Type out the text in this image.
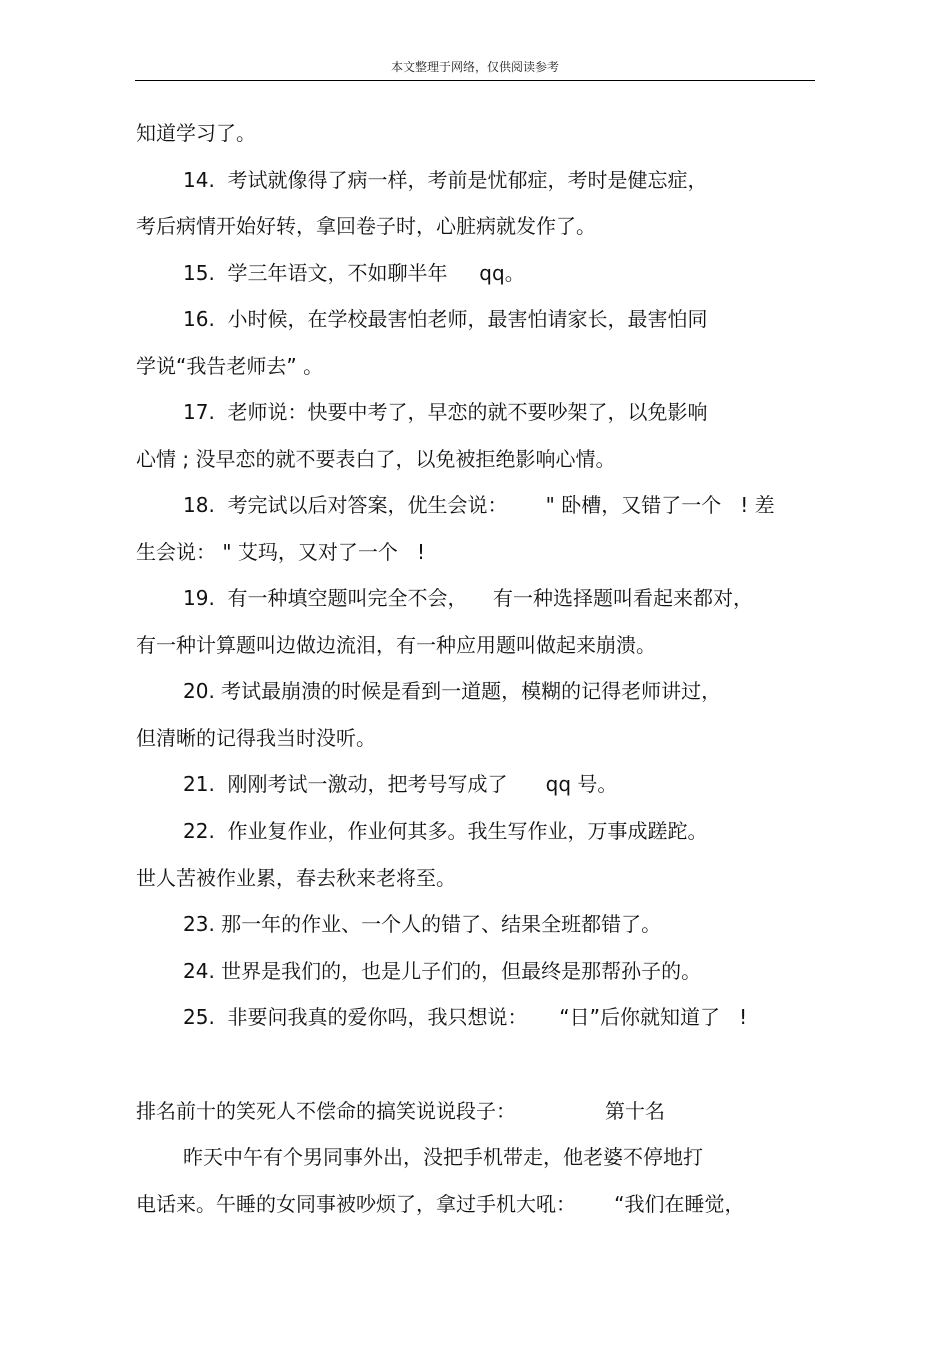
本文整理于网络，仅供阅读参考
知道学习了。
14.  考试就像得了病一样，考前是忧郁症，考时是健忘症，
考后病情开始好转，拿回卷子时，心脏病就发作了。
15.  学三年语文，不如聊半年     qq。
16.  小时候，在学校最害怕老师，最害怕请家长，最害怕同
学说“我告老师去” 。
17.  老师说：快要中考了，早恋的就不要吵架了，以免影响
心情 ; 没早恋的就不要表白了，以免被拒绝影响心情。
18.  考完试以后对答案，优生会说：      " 卧槽，又错了一个   ! 差
生会说： " 艾玛，又对了一个   !
19.  有一种填空题叫完全不会，    有一种选择题叫看起来都对，
有一种计算题叫边做边流泪，有一种应用题叫做起来崩溃。
20. 考试最崩溃的时候是看到一道题，模糊的记得老师讲过，
但清晰的记得我当时没听。
21.  刚刚考试一激动，把考号写成了      qq 号。
22.  作业复作业，作业何其多。我生写作业，万事成蹉跎。
世人苦被作业累，春去秋来老将至。
23. 那一年的作业、一个人的错了、结果全班都错了。
24. 世界是我们的，也是儿子们的，但最终是那帮孙子的。
25.  非要问我真的爱你吗，我只想说：     “日”后你就知道了   !
排名前十的笑死人不偿命的搞笑说说段子：              第十名
昨天中午有个男同事外出，没把手机带走，他老婆不停地打
电话来。午睡的女同事被吵烦了，拿过手机大吼：      “我们在睡觉，
